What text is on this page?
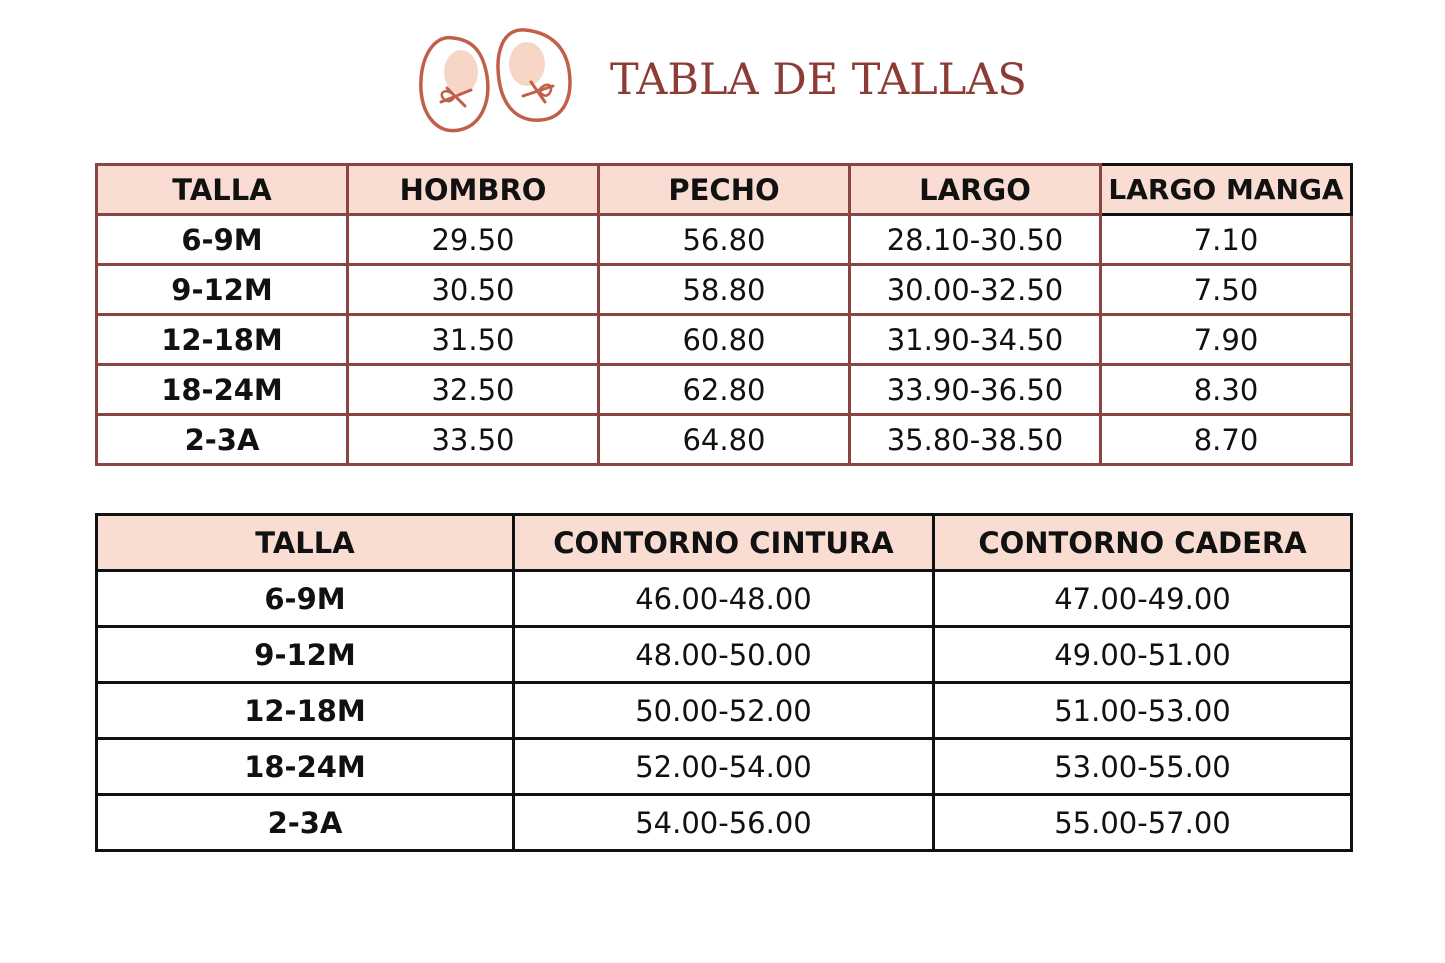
TABLA DE TALLAS
TALLA	HOMBRO	PECHO	LARGO	LARGO MANGA
6-9M	29.50	56.80	28.10-30.50	7.10
9-12M	30.50	58.80	30.00-32.50	7.50
12-18M	31.50	60.80	31.90-34.50	7.90
18-24M	32.50	62.80	33.90-36.50	8.30
2-3A	33.50	64.80	35.80-38.50	8.70
TALLA	CONTORNO CINTURA	CONTORNO CADERA
6-9M	46.00-48.00	47.00-49.00
9-12M	48.00-50.00	49.00-51.00
12-18M	50.00-52.00	51.00-53.00
18-24M	52.00-54.00	53.00-55.00
2-3A	54.00-56.00	55.00-57.00
